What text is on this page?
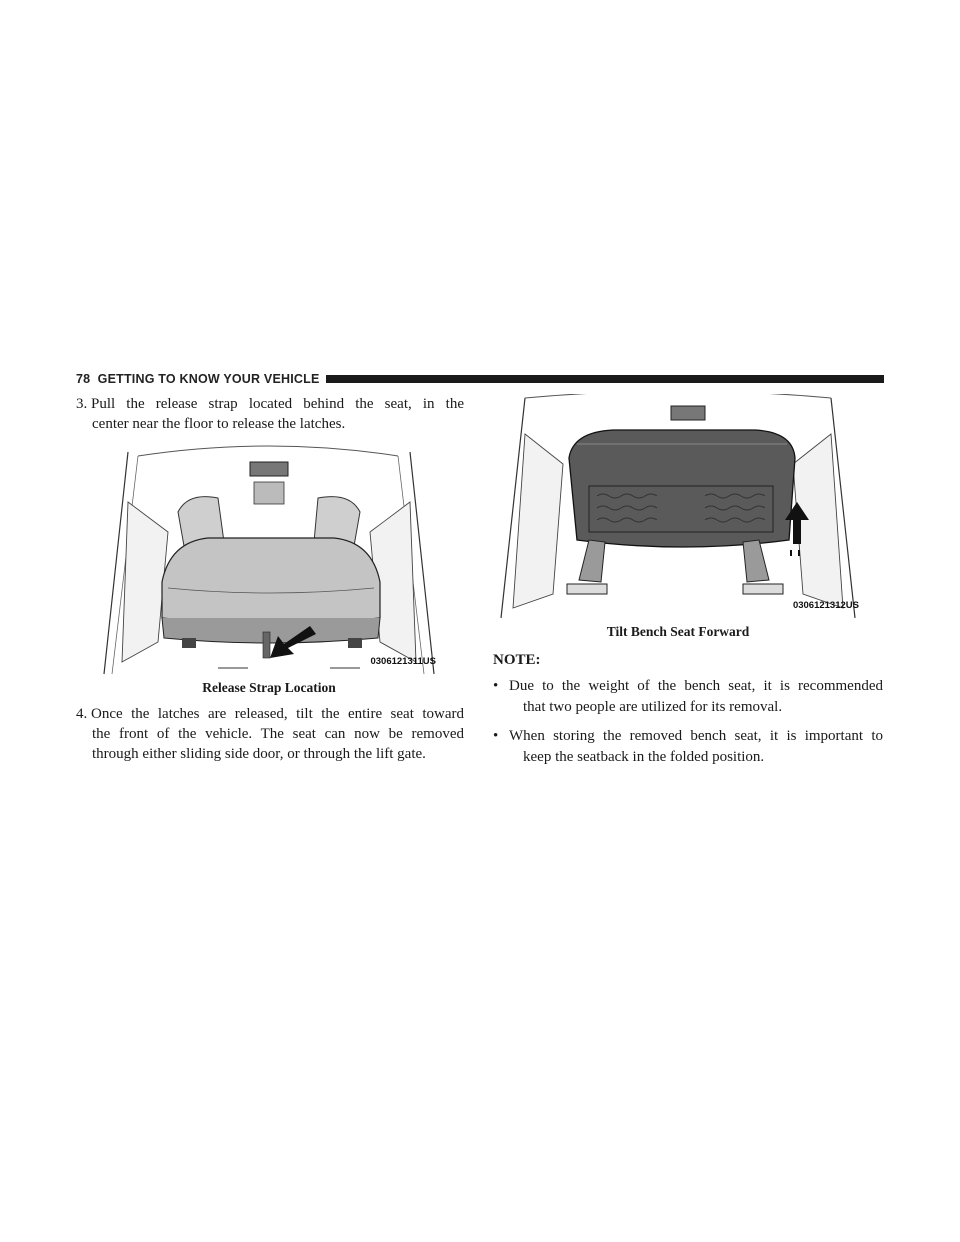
78 GETTING TO KNOW YOUR VEHICLE

3. Pull the release strap located behind the seat, in the
center near the floor to release the latches.

0306121311US
Release Strap Location

4. Once the latches are released, tilt the entire seat toward
the front of the vehicle. The seat can now be removed
through either sliding side door, or through the lift gate.

0306121312US
Tilt Bench Seat Forward
NOTE:
• Due to the weight of the bench seat, it is recommended
that two people are utilized for its removal.
• When storing the removed bench seat, it is important to
keep the seatback in the folded position.
